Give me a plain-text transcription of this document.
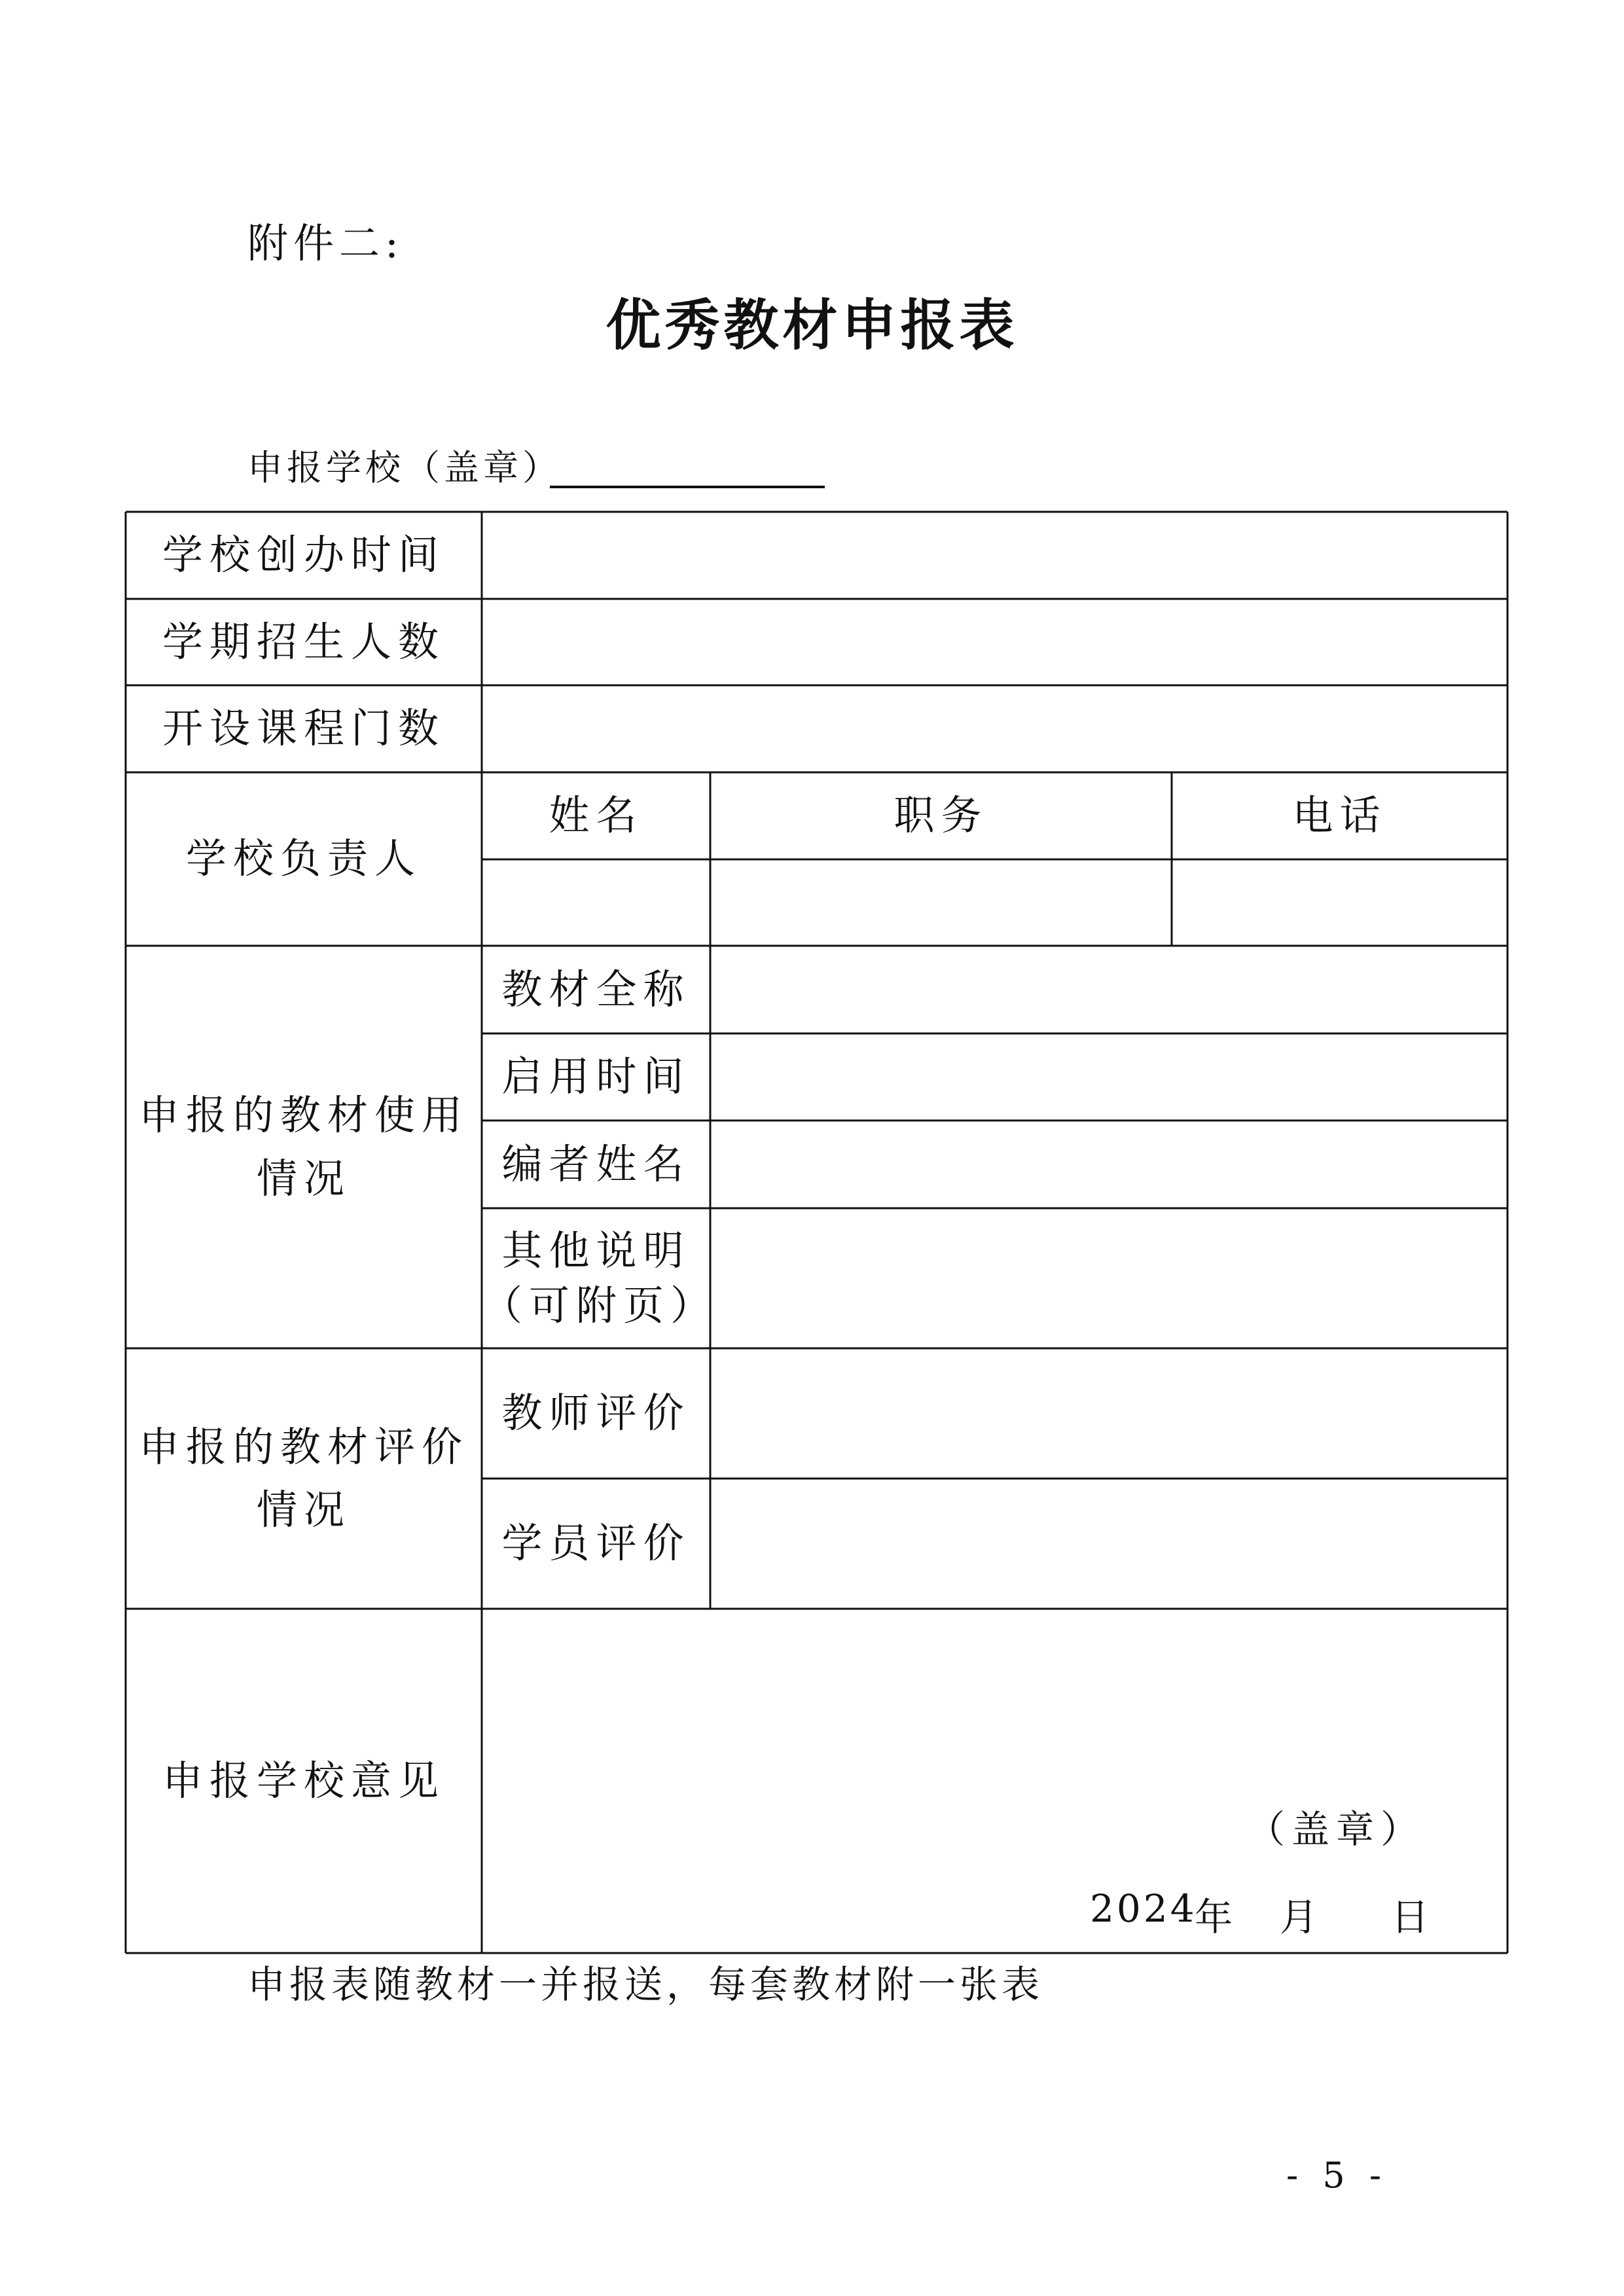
附件二:
优秀教材申报表
申报学校（盖章）
学校创办时间
学期招生人数
开设课程门数
学校负责人
申报的教材使用
情况
申报的教材评价
情况
申报学校意见
姓名	职务	电话
教材全称
启用时间
编者姓名
其他说明
（可附页）
教师评价
学员评价
（盖章）
2024
年 月 日
申报表随教材一并报送，每套教材附一张表
- 5 -
